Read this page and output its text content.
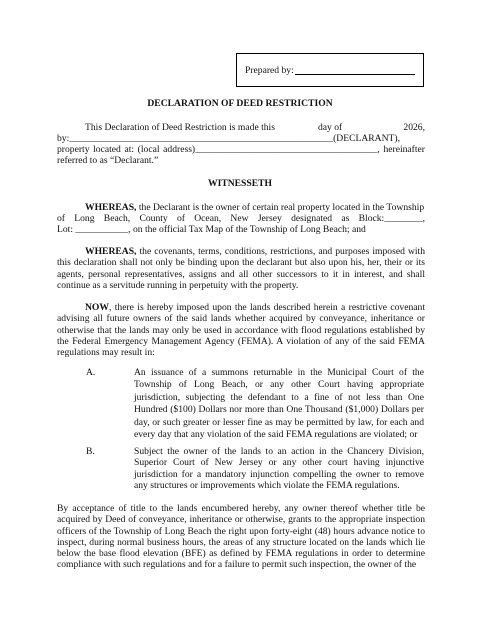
Prepared by:
DECLARATION OF DEED RESTRICTION
This Declaration of Deed Restriction is made this	day of	2026,
by:_______________________________________________________(DECLARANT),
property located at: (local address)______________________________________, hereinafter
referred to as “Declarant.”
WITNESSETH
WHEREAS, the Declarant is the owner of certain real property located in the Township
of  Long  Beach,  County  of  Ocean,  New  Jersey  designated  as  Block:________,
Lot: ___________, on the official Tax Map of the Township of Long Beach; and
WHEREAS, the covenants, terms, conditions, restrictions, and purposes imposed with this declaration shall not only be binding upon the declarant but also upon his, her, their or its agents, personal representatives, assigns and all other successors to it in interest, and shall continue as a servitude running in perpetuity with the property.
NOW, there is hereby imposed upon the lands described herein a restrictive covenant advising all future owners of the said lands whether acquired by conveyance, inheritance or otherwise that the lands may only be used in accordance with flood regulations established by the Federal Emergency Management Agency (FEMA). A violation of any of the said FEMA regulations may result in:
A.	An issuance of a summons returnable in the Municipal Court of the Township of Long Beach, or any other Court having appropriate jurisdiction, subjecting the defendant to a fine of not less than One Hundred ($100) Dollars nor more than One Thousand ($1,000) Dollars per day, or such greater or lesser fine as may be permitted by law, for each and every day that any violation of the said FEMA regulations are violated; or
B.	Subject the owner of the lands to an action in the Chancery Division, Superior Court of New Jersey or any other court having injunctive jurisdiction for a mandatory injunction compelling the owner to remove any structures or improvements which violate the FEMA regulations.
By acceptance of title to the lands encumbered hereby, any owner thereof whether title be acquired by Deed of conveyance, inheritance or otherwise, grants to the appropriate inspection officers of the Township of Long Beach the right upon forty-eight (48) hours advance notice to inspect, during normal business hours, the areas of any structure located on the lands which lie below the base flood elevation (BFE) as defined by FEMA regulations in order to determine compliance with such regulations and for a failure to permit such inspection, the owner of the
